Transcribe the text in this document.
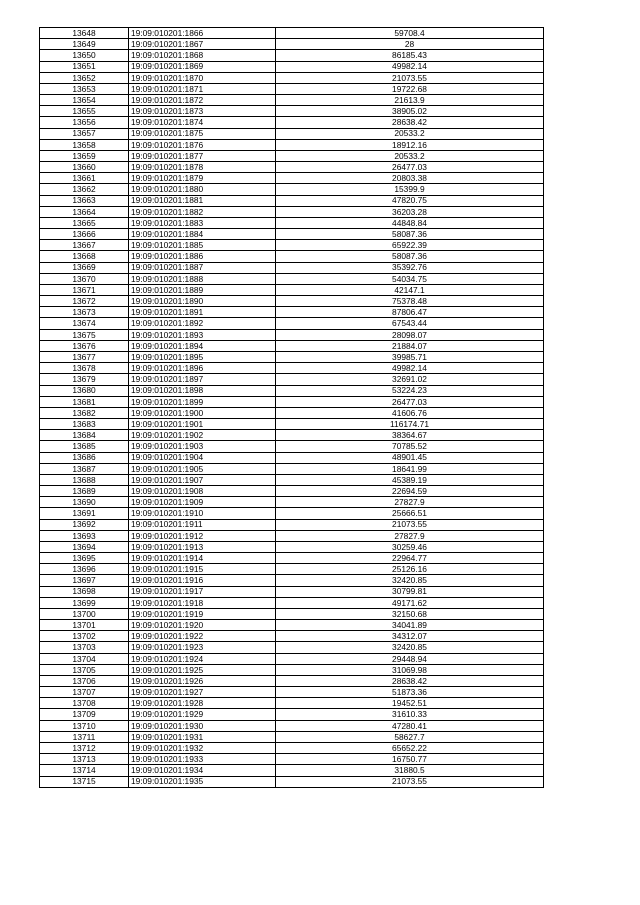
13648	19:09:010201:1866	59708.4
13649	19:09:010201:1867	28
13650	19:09:010201:1868	86185.43
13651	19:09:010201:1869	49982.14
13652	19:09:010201:1870	21073.55
13653	19:09:010201:1871	19722.68
13654	19:09:010201:1872	21613.9
13655	19:09:010201:1873	38905.02
13656	19:09:010201:1874	28638.42
13657	19:09:010201:1875	20533.2
13658	19:09:010201:1876	18912.16
13659	19:09:010201:1877	20533.2
13660	19:09:010201:1878	26477.03
13661	19:09:010201:1879	20803.38
13662	19:09:010201:1880	15399.9
13663	19:09:010201:1881	47820.75
13664	19:09:010201:1882	36203.28
13665	19:09:010201:1883	44848.84
13666	19:09:010201:1884	58087.36
13667	19:09:010201:1885	65922.39
13668	19:09:010201:1886	58087.36
13669	19:09:010201:1887	35392.76
13670	19:09:010201:1888	54034.75
13671	19:09:010201:1889	42147.1
13672	19:09:010201:1890	75378.48
13673	19:09:010201:1891	87806.47
13674	19:09:010201:1892	67543.44
13675	19:09:010201:1893	28098.07
13676	19:09:010201:1894	21884.07
13677	19:09:010201:1895	39985.71
13678	19:09:010201:1896	49982.14
13679	19:09:010201:1897	32691.02
13680	19:09:010201:1898	53224.23
13681	19:09:010201:1899	26477.03
13682	19:09:010201:1900	41606.76
13683	19:09:010201:1901	116174.71
13684	19:09:010201:1902	38364.67
13685	19:09:010201:1903	70785.52
13686	19:09:010201:1904	48901.45
13687	19:09:010201:1905	18641.99
13688	19:09:010201:1907	45389.19
13689	19:09:010201:1908	22694.59
13690	19:09:010201:1909	27827.9
13691	19:09:010201:1910	25666.51
13692	19:09:010201:1911	21073.55
13693	19:09:010201:1912	27827.9
13694	19:09:010201:1913	30259.46
13695	19:09:010201:1914	22964.77
13696	19:09:010201:1915	25126.16
13697	19:09:010201:1916	32420.85
13698	19:09:010201:1917	30799.81
13699	19:09:010201:1918	49171.62
13700	19:09:010201:1919	32150.68
13701	19:09:010201:1920	34041.89
13702	19:09:010201:1922	34312.07
13703	19:09:010201:1923	32420.85
13704	19:09:010201:1924	29448.94
13705	19:09:010201:1925	31069.98
13706	19:09:010201:1926	28638.42
13707	19:09:010201:1927	51873.36
13708	19:09:010201:1928	19452.51
13709	19:09:010201:1929	31610.33
13710	19:09:010201:1930	47280.41
13711	19:09:010201:1931	58627.7
13712	19:09:010201:1932	65652.22
13713	19:09:010201:1933	16750.77
13714	19:09:010201:1934	31880.5
13715	19:09:010201:1935	21073.55
